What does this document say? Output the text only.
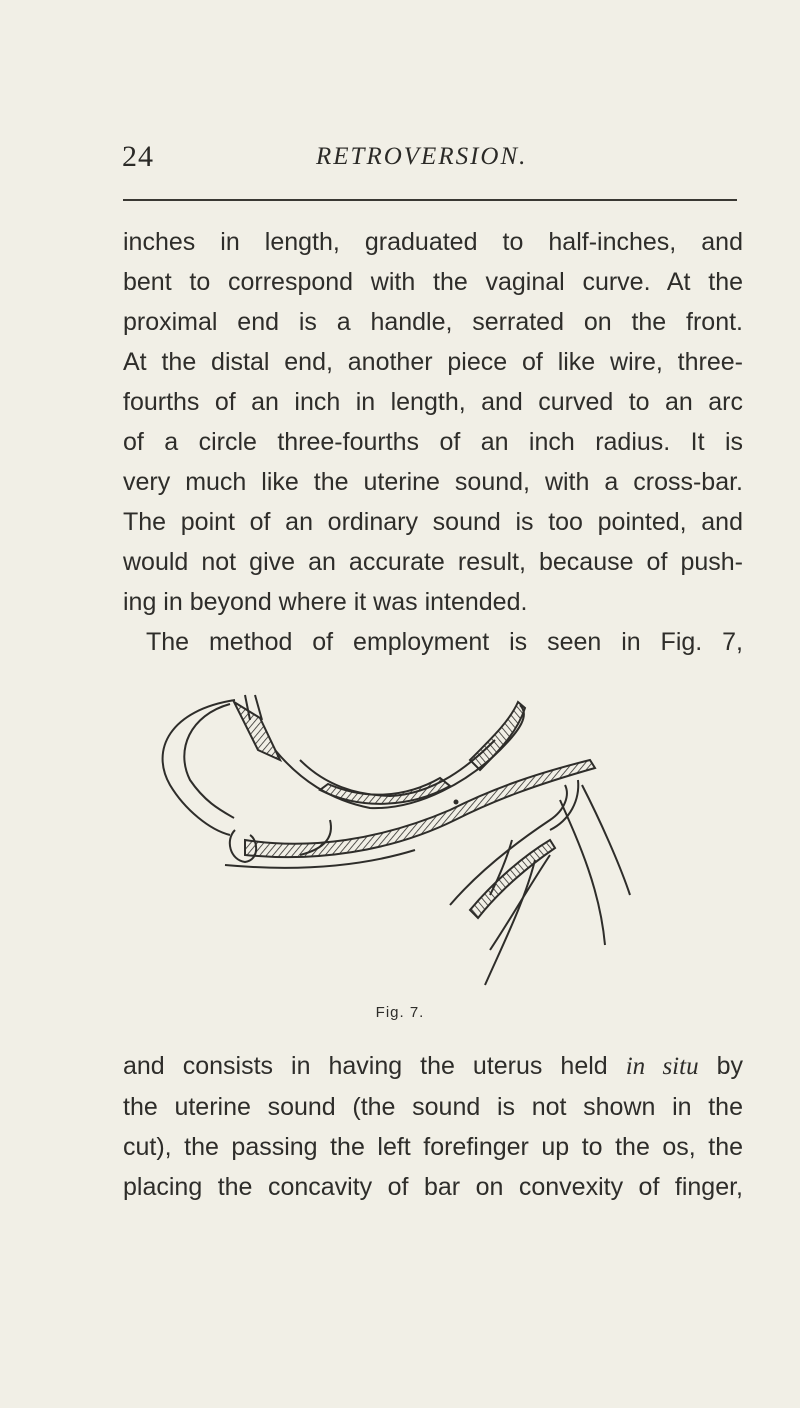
24	RETROVERSION.

inches in length, graduated to half-inches, and

bent to correspond with the vaginal curve. At the

proximal end is a handle, serrated on the front.

At the distal end, another piece of like wire, three-

fourths of an inch in length, and curved to an arc

of a circle three-fourths of an inch radius. It is

very much like the uterine sound, with a cross-bar.

The point of an ordinary sound is too pointed, and

would not give an accurate result, because of push-

ing in beyond where it was intended.

The method of employment is seen in Fig. 7,

Fig. 7.

and consists in having the uterus held in situ by

the uterine sound (the sound is not shown in the

cut), the passing the left forefinger up to the os, the

placing the concavity of bar on convexity of finger,
